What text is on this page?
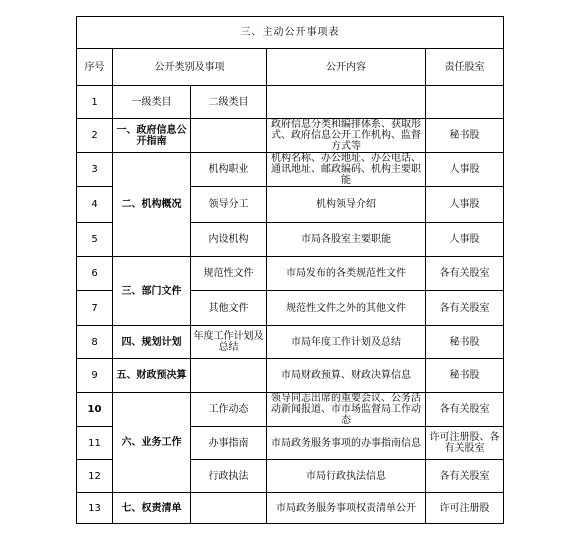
三、主动公开事项表				
序号	公开类别及事项		公开内容	责任股室
1	一级类目	二级类目		
2	一、政府信息公开指南		政府信息分类和编排体系、获取形式、政府信息公开工作机构、监督方式等	秘书股
3	二、机构概况	机构职业	机构名称、办公地址、办公电话、通讯地址、邮政编码、机构主要职能	人事股
4		领导分工	机构领导介绍	人事股
5		内设机构	市局各股室主要职能	人事股
6	三、部门文件	规范性文件	市局发布的各类规范性文件	各有关股室
7		其他文件	规范性文件之外的其他文件	各有关股室
8	四、规划计划	年度工作计划及总结	市局年度工作计划及总结	秘书股
9	五、财政预决算		市局财政预算、财政决算信息	秘书股
10	六、业务工作	工作动态	领导同志出席的重要会议、公务活动新闻报道、市市场监督局工作动态	各有关股室
11		办事指南	市局政务服务事项的办事指南信息	许可注册股、各有关股室
12		行政执法	市局行政执法信息	各有关股室
13	七、权责清单		市局政务服务事项权责清单公开	许可注册股
